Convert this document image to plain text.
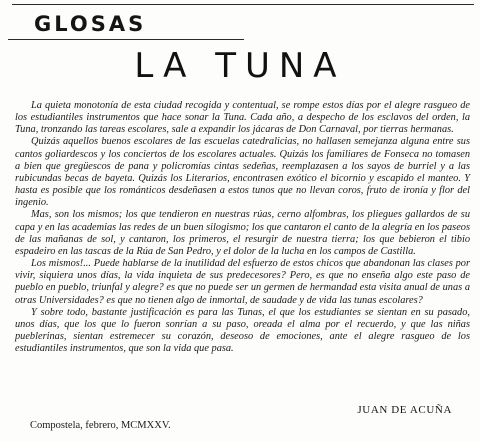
GLOSAS
LA TUNA

La quieta monotonía de esta ciudad recogida y contentual, se rompe estos días por el alegre rasgueo de los estudiantiles instrumentos que hace sonar la Tuna. Cada año, a despecho de los esclavos del orden, la Tuna, tronzando las tareas escolares, sale a expandir los jácaras de Don Carnaval, por tierras hermanas.

Quizás aquellos buenos escolares de las escuelas catedralicias, no hallasen semejanza alguna entre sus cantos goliardescos y los conciertos de los escolares actuales. Quizás los familiares de Fonseca no tomasen a bien que gregüescos de pana y policromías cintas sedeñas, reemplazasen a los sayos de burriel y a las rubicundas becas de bayeta. Quizás los Literarios, encontrasen exótico el bicornio y escapido el manteo. Y hasta es posible que los románticos desdeñasen a estos tunos que no llevan coros, fruto de ironía y flor del ingenio.

Mas, son los mismos; los que tendieron en nuestras rúas, cerno alfombras, los pliegues gallardos de su capa y en las academias las redes de un buen silogismo; los que cantaron el canto de la alegría en los paseos de las mañanas de sol, y cantaron, los primeros, el resurgir de nuestra tierra; los que bebieron el tibio espadeiro en las tascas de la Rúa de San Pedro, y el dolor de la lucha en los campos de Castilla.

Los mismos!... Puede hablarse de la inutilidad del esfuerzo de estos chicos que abandonan las clases por vivir, siquiera unos días, la vida inquieta de sus predecesores? Pero, es que no enseña algo este paso de pueblo en pueblo, triunfal y alegre? es que no puede ser un germen de hermandad esta visita anual de unas a otras Universidades? es que no tienen algo de inmortal, de saudade y de vida las tunas escolares?

Y sobre todo, bastante justificación es para las Tunas, el que los estudiantes se sientan en su pasado, unos días, que los que lo fueron sonrían a su paso, oreada el alma por el recuerdo, y que las niñas pueblerinas, sientan estremecer su corazón, deseoso de emociones, ante el alegre rasgueo de los estudiantiles instrumentos, que son la vida que pasa.

JUAN DE ACUÑA
Compostela, febrero, MCMXXV.
